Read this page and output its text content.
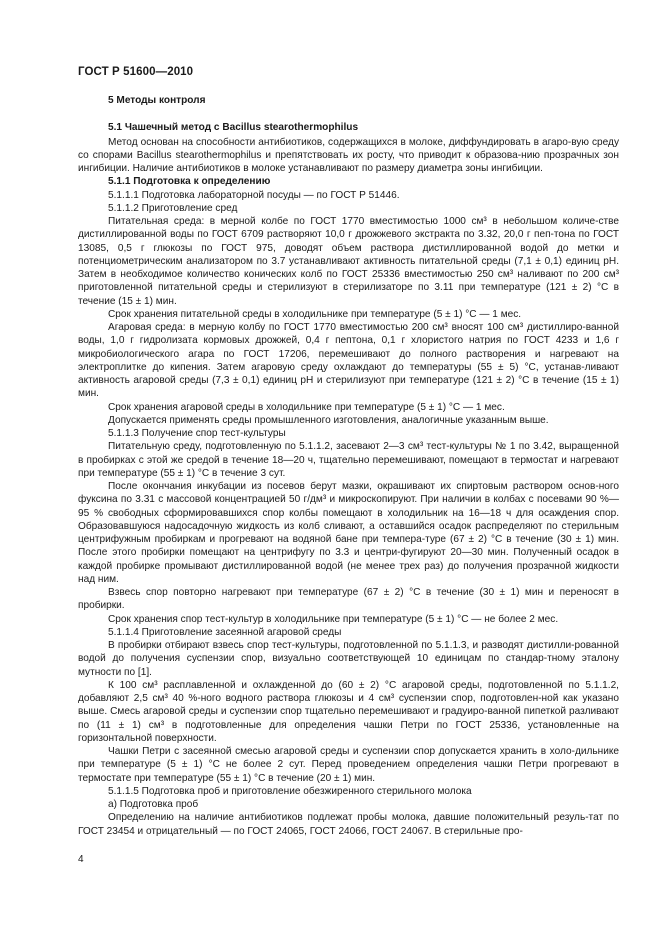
ГОСТ Р 51600—2010

5 Методы контроля

5.1 Чашечный метод с Bacillus stearothermophilus

Метод основан на способности антибиотиков, содержащихся в молоке, диффундировать в агаро-вую среду со спорами Bacillus stearothermophilus и препятствовать их росту, что приводит к образова-нию прозрачных зон ингибиции. Наличие антибиотиков в молоке устанавливают по размеру диаметра зоны ингибиции.

5.1.1 Подготовка к определению

5.1.1.1 Подготовка лабораторной посуды — по ГОСТ Р 51446.

5.1.1.2 Приготовление сред

Питательная среда: в мерной колбе по ГОСТ 1770 вместимостью 1000 см³ в небольшом количе-стве дистиллированной воды по ГОСТ 6709 растворяют 10,0 г дрожжевого экстракта по 3.32, 20,0 г пеп-тона по ГОСТ 13085, 0,5 г глюкозы по ГОСТ 975, доводят объем раствора дистиллированной водой до метки и потенциометрическим анализатором по 3.7 устанавливают активность питательной среды (7,1 ± 0,1) единиц рН. Затем в необходимое количество конических колб по ГОСТ 25336 вместимостью 250 см³ наливают по 200 см³ приготовленной питательной среды и стерилизуют в стерилизаторе по 3.11 при температуре (121 ± 2) °С в течение (15 ± 1) мин.

Срок хранения питательной среды в холодильнике при температуре (5 ± 1) °С — 1 мес.

Агаровая среда: в мерную колбу по ГОСТ 1770 вместимостью 200 см³ вносят 100 см³ дистиллиро-ванной воды, 1,0 г гидролизата кормовых дрожжей, 0,4 г пептона, 0,1 г хлористого натрия по ГОСТ 4233 и 1,6 г микробиологического агара по ГОСТ 17206, перемешивают до полного растворения и нагревают на электроплитке до кипения. Затем агаровую среду охлаждают до температуры (55 ± 5) °С, устанав-ливают активность агаровой среды (7,3 ± 0,1) единиц рН и стерилизуют при температуре (121 ± 2) °С в течение (15 ± 1) мин.

Срок хранения агаровой среды в холодильнике при температуре (5 ± 1) °С — 1 мес.

Допускается применять среды промышленного изготовления, аналогичные указанным выше.

5.1.1.3 Получение спор тест-культуры

Питательную среду, подготовленную по 5.1.1.2, засевают 2—3 см³ тест-культуры № 1 по 3.42, выращенной в пробирках с этой же средой в течение 18—20 ч, тщательно перемешивают, помещают в термостат и нагревают при температуре (55 ± 1) °С в течение 3 сут.

После окончания инкубации из посевов берут мазки, окрашивают их спиртовым раствором основ-ного фуксина по 3.31 с массовой концентрацией 50 г/дм³ и микроскопируют. При наличии в колбах с посевами 90 %—95 % свободных сформировавшихся спор колбы помещают в холодильник на 16—18 ч для осаждения спор. Образовавшуюся надосадочную жидкость из колб сливают, а оставшийся осадок распределяют по стерильным центрифужным пробиркам и прогревают на водяной бане при темпера-туре (67 ± 2) °С в течение (30 ± 1) мин. После этого пробирки помещают на центрифугу по 3.3 и центри-фугируют 20—30 мин. Полученный осадок в каждой пробирке промывают дистиллированной водой (не менее трех раз) до получения прозрачной жидкости над ним.

Взвесь спор повторно нагревают при температуре (67 ± 2) °С в течение (30 ± 1) мин и переносят в пробирки.

Срок хранения спор тест-культур в холодильнике при температуре (5 ± 1) °С — не более 2 мес.

5.1.1.4 Приготовление засеянной агаровой среды

В пробирки отбирают взвесь спор тест-культуры, подготовленной по 5.1.1.3, и разводят дистилли-рованной водой до получения суспензии спор, визуально соответствующей 10 единицам по стандар-тному эталону мутности по [1].

К 100 см³ расплавленной и охлажденной до (60 ± 2) °С агаровой среды, подготовленной по 5.1.1.2, добавляют 2,5 см³ 40 %-ного водного раствора глюкозы и 4 см³ суспензии спор, подготовлен-ной как указано выше. Смесь агаровой среды и суспензии спор тщательно перемешивают и градуиро-ванной пипеткой разливают по (11 ± 1) см³ в подготовленные для определения чашки Петри по ГОСТ 25336, установленные на горизонтальной поверхности.

Чашки Петри с засеянной смесью агаровой среды и суспензии спор допускается хранить в холо-дильнике при температуре (5 ± 1) °С не более 2 сут. Перед проведением определения чашки Петри прогревают в термостате при температуре (55 ± 1) °С в течение (20 ± 1) мин.

5.1.1.5 Подготовка проб и приготовление обезжиренного стерильного молока

а) Подготовка проб

Определению на наличие антибиотиков подлежат пробы молока, давшие положительный резуль-тат по ГОСТ 23454 и отрицательный — по ГОСТ 24065, ГОСТ 24066, ГОСТ 24067. В стерильные про-

4
